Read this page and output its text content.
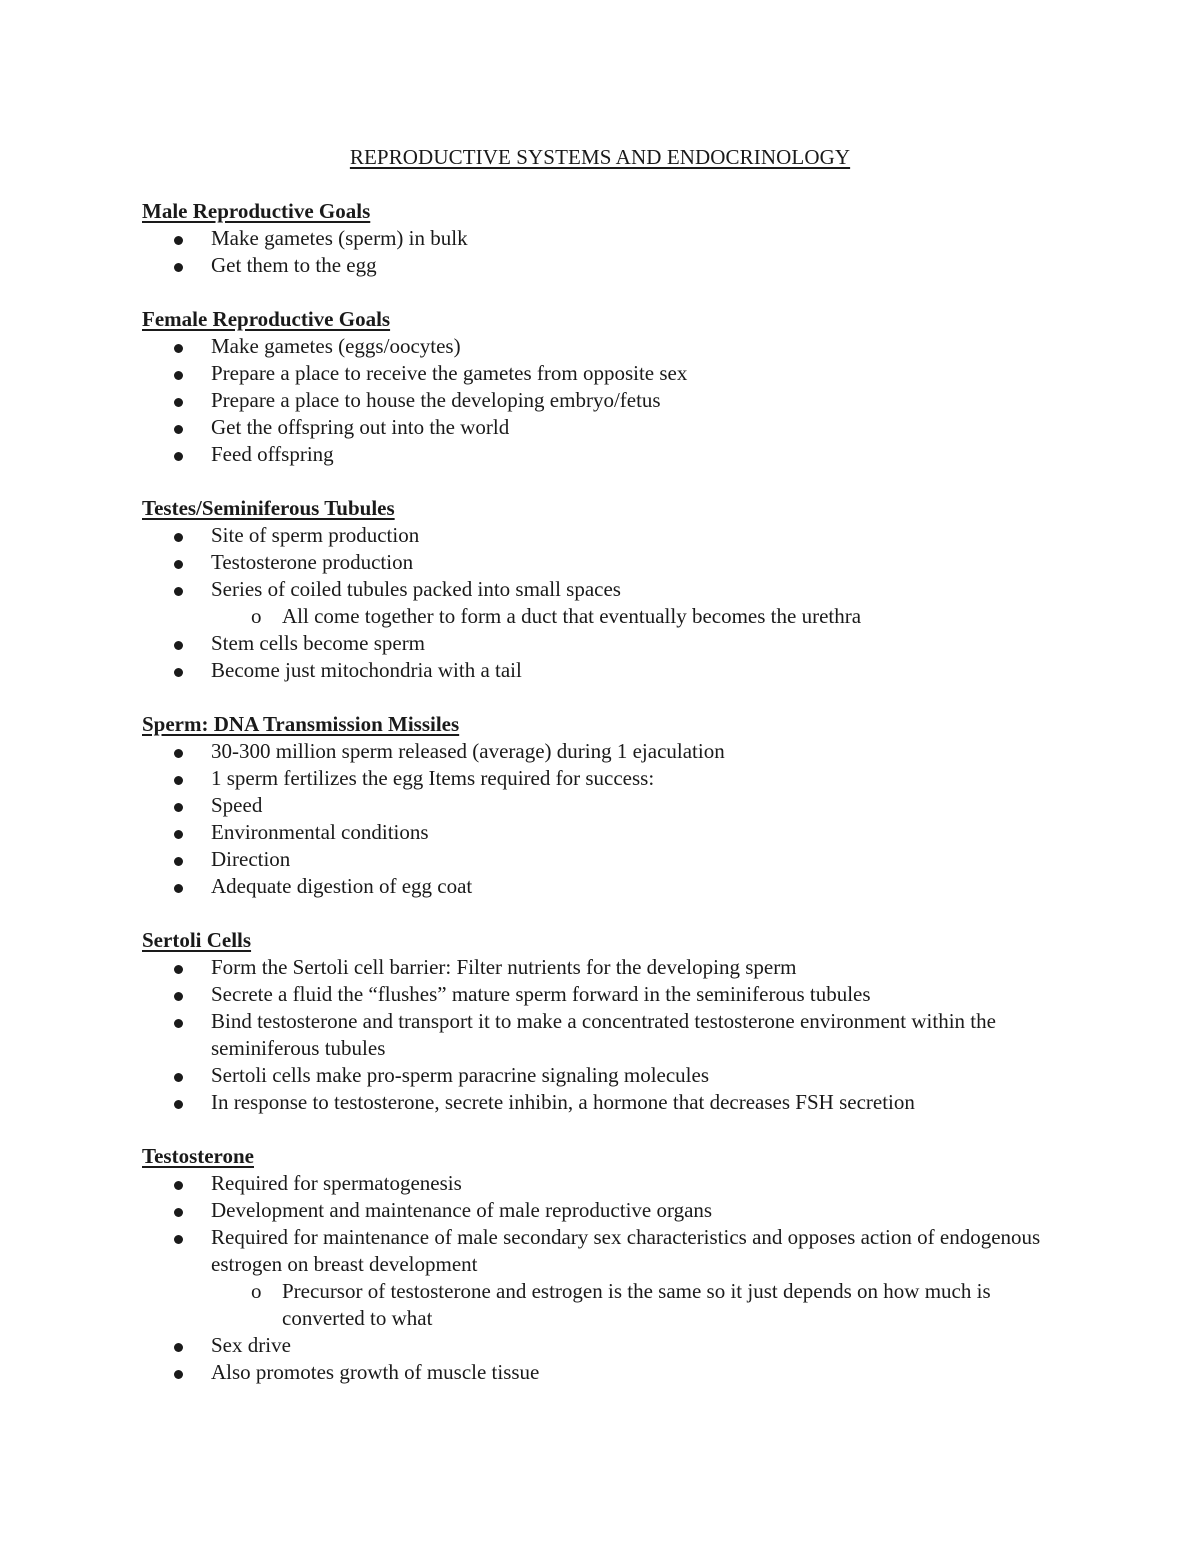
REPRODUCTIVE SYSTEMS AND ENDOCRINOLOGY
Male Reproductive Goals
Make gametes (sperm) in bulk
Get them to the egg
Female Reproductive Goals
Make gametes (eggs/oocytes)
Prepare a place to receive the gametes from opposite sex
Prepare a place to house the developing embryo/fetus
Get the offspring out into the world
Feed offspring
Testes/Seminiferous Tubules
Site of sperm production
Testosterone production
Series of coiled tubules packed into small spaces
o All come together to form a duct that eventually becomes the urethra
Stem cells become sperm
Become just mitochondria with a tail
Sperm: DNA Transmission Missiles
30-300 million sperm released (average) during 1 ejaculation
1 sperm fertilizes the egg Items required for success:
Speed
Environmental conditions
Direction
Adequate digestion of egg coat
Sertoli Cells
Form the Sertoli cell barrier: Filter nutrients for the developing sperm
Secrete a fluid the “flushes” mature sperm forward in the seminiferous tubules
Bind testosterone and transport it to make a concentrated testosterone environment within the seminiferous tubules
Sertoli cells make pro-sperm paracrine signaling molecules
In response to testosterone, secrete inhibin, a hormone that decreases FSH secretion
Testosterone
Required for spermatogenesis
Development and maintenance of male reproductive organs
Required for maintenance of male secondary sex characteristics and opposes action of endogenous estrogen on breast development
o Precursor of testosterone and estrogen is the same so it just depends on how much is converted to what
Sex drive
Also promotes growth of muscle tissue
